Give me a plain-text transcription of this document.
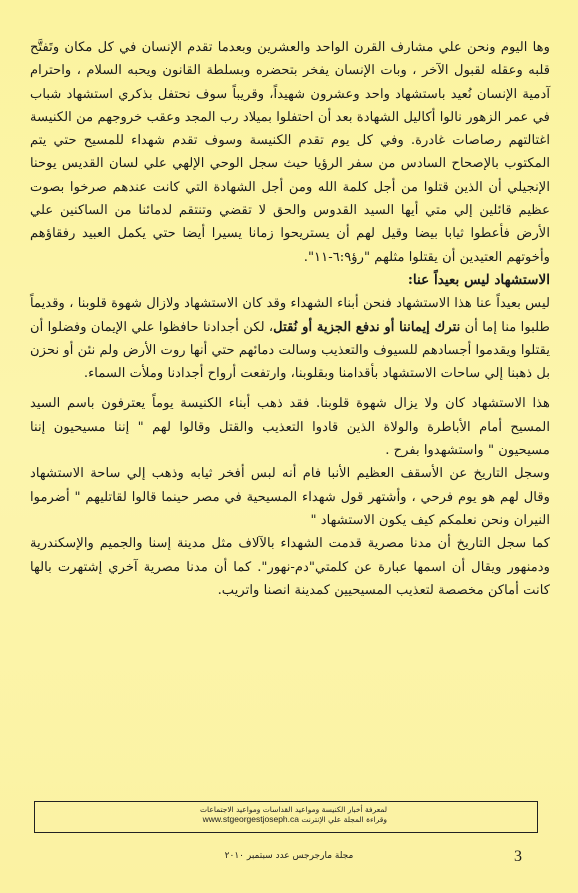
وها اليوم ونحن علي مشارف القرن الواحد والعشرين وبعدما تقدم الإنسان في كل مكان وتَفتَّح قلبه وعقله لقبول الآخر ، وبات الإنسان يفخر بتحضره وبسلطة القانون ويحبه السلام ، واحترام آدمية الإنسان نُعيد باستشهاد واحد وعشرون شهيداً، وقريباً سوف نحتفل بذكري استشهاد شباب في عمر الزهور نالوا أكاليل الشهادة بعد أن احتفلوا بميلاد رب المجد وعقب خروجهم من الكنيسة اغتالتهم رصاصات غادرة. وفي كل يوم تقدم الكنيسة وسوف تقدم شهداء للمسيح حتي يتم المكتوب بالإصحاح السادس من سفر الرؤيا حيث سجل الوحي الإلهي علي لسان القديس يوحنا الإنجيلي أن الذين قتلوا من أجل كلمة الله ومن أجل الشهادة التي كانت عندهم صرخوا بصوت عظيم قائلين إلي متي أيها السيد القدوس والحق لا تقضي وتنتقم لدمائنا من الساكنين علي الأرض فأعطوا ثيابا بيضا وقيل لهم أن يستريحوا زمانا يسيرا أيضا حتي يكمل العبيد رفقاؤهم وأخوتهم العتيدين أن يقتلوا مثلهم "رؤ٦:٩-١١".

الاستشهاد ليس بعيداً عنا:

ليس بعيداً عنا هذا الاستشهاد فنحن أبناء الشهداء وقد كان الاستشهاد ولازال شهوة قلوبنا ، وقديماً طلبوا منا إما أن نترك إيماننا أو ندفع الجزية أو نُقتل، لكن أجدادنا حافظوا علي الإيمان وفضلوا أن يقتلوا ويقدموا أجسادهم للسيوف والتعذيب وسالت دمائهم حتي أنها روت الأرض ولم نئن أو نحزن بل ذهبنا إلي ساحات الاستشهاد بأقدامنا وبقلوبنا، وارتفعت أرواح أجدادنا وملأت السماء.

هذا الاستشهاد كان ولا يزال شهوة قلوبنا. فقد ذهب أبناء الكنيسة يوماً يعترفون باسم السيد المسيح أمام الأباطرة والولاة الذين قادوا التعذيب والقتل وقالوا لهم " إننا مسيحيون إننا مسيحيون " واستشهدوا بفرح .

وسجل التاريخ عن الأسقف العظيم الأنبا فام أنه لبس أفخر ثيابه وذهب إلي ساحة الاستشهاد وقال لهم هو يوم فرحي ، وأشتهر قول شهداء المسيحية في مصر حينما قالوا لقاتليهم " أضرموا النيران ونحن نعلمكم كيف يكون الاستشهاد "

كما سجل التاريخ أن مدنا مصرية قدمت الشهداء بالآلاف مثل مدينة إسنا والجميم والإسكندرية ودمنهور ويقال أن اسمها عبارة عن كلمتي"دم-نهور". كما أن مدنا مصرية آخري إشتهرت بالها كانت أماكن مخصصة لتعذيب المسيحيين كمدينة انصنا واتريب.

لمعرفة أخبار الكنيسة ومواعيد القداسات ومواعيد الاجتماعات
وقراءة المجلة علي الإنترنت www.stgeorgestjoseph.ca
مجلة مارجرجس عدد سبتمبر ٢٠١٠	3
